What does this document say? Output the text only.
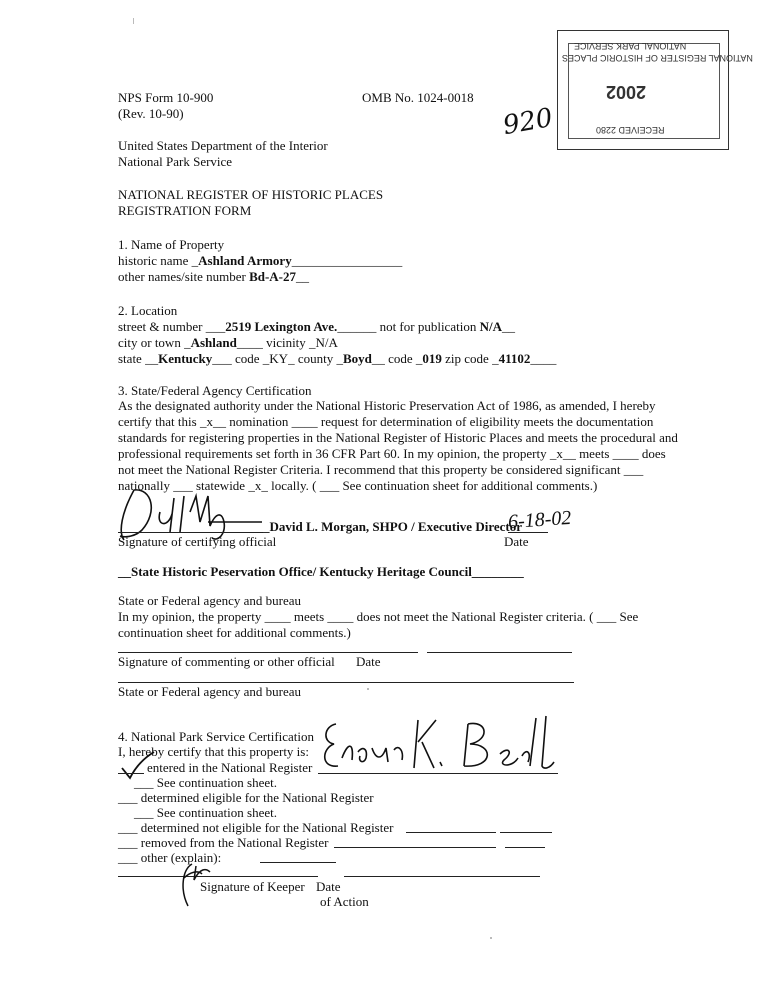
NATIONAL PARK SERVICE
NATIONAL REGISTER OF HISTORIC PLACES
2002
RECEIVED 2280
NPS Form 10-900
(Rev. 10-90)
OMB No. 1024-0018
920
United States Department of the Interior
National Park Service
NATIONAL REGISTER OF HISTORIC PLACES
REGISTRATION FORM
1. Name of Property
historic name _Ashland Armory_________________
other names/site number Bd-A-27__
2. Location
street & number ___2519 Lexington Ave.______ not for publication N/A__
city or town _Ashland____ vicinity _N/A
state __Kentucky___ code _KY_ county _Boyd__ code _019 zip code _41102____
3. State/Federal Agency Certification
As the designated authority under the National Historic Preservation Act of 1986, as amended, I hereby
certify that this _x__ nomination ____ request for determination of eligibility meets the documentation
standards for registering properties in the National Register of Historic Places and meets the procedural and
professional requirements set forth in 36 CFR Part 60. In my opinion, the property _x__ meets ____ does
not meet the National Register Criteria. I recommend that this property be considered significant ___
nationally ___ statewide _x_ locally. ( ___ See continuation sheet for additional comments.)
_David L. Morgan, SHPO / Executive Director
6-18-02
Signature of certifying official	Date
__State Historic Peservation Office/ Kentucky Heritage Council________
State or Federal agency and bureau
In my opinion, the property ____ meets ____ does not meet the National Register criteria. ( ___ See
continuation sheet for additional comments.)
Signature of commenting or other official Date
State or Federal agency and bureau
4. National Park Service Certification
I, hereby certify that this property is:
entered in the National Register
___ See continuation sheet.
___ determined eligible for the National Register
___ See continuation sheet.
___ determined not eligible for the National Register
___ removed from the National Register
___ other (explain):
Signature of Keeper Date
of Action
